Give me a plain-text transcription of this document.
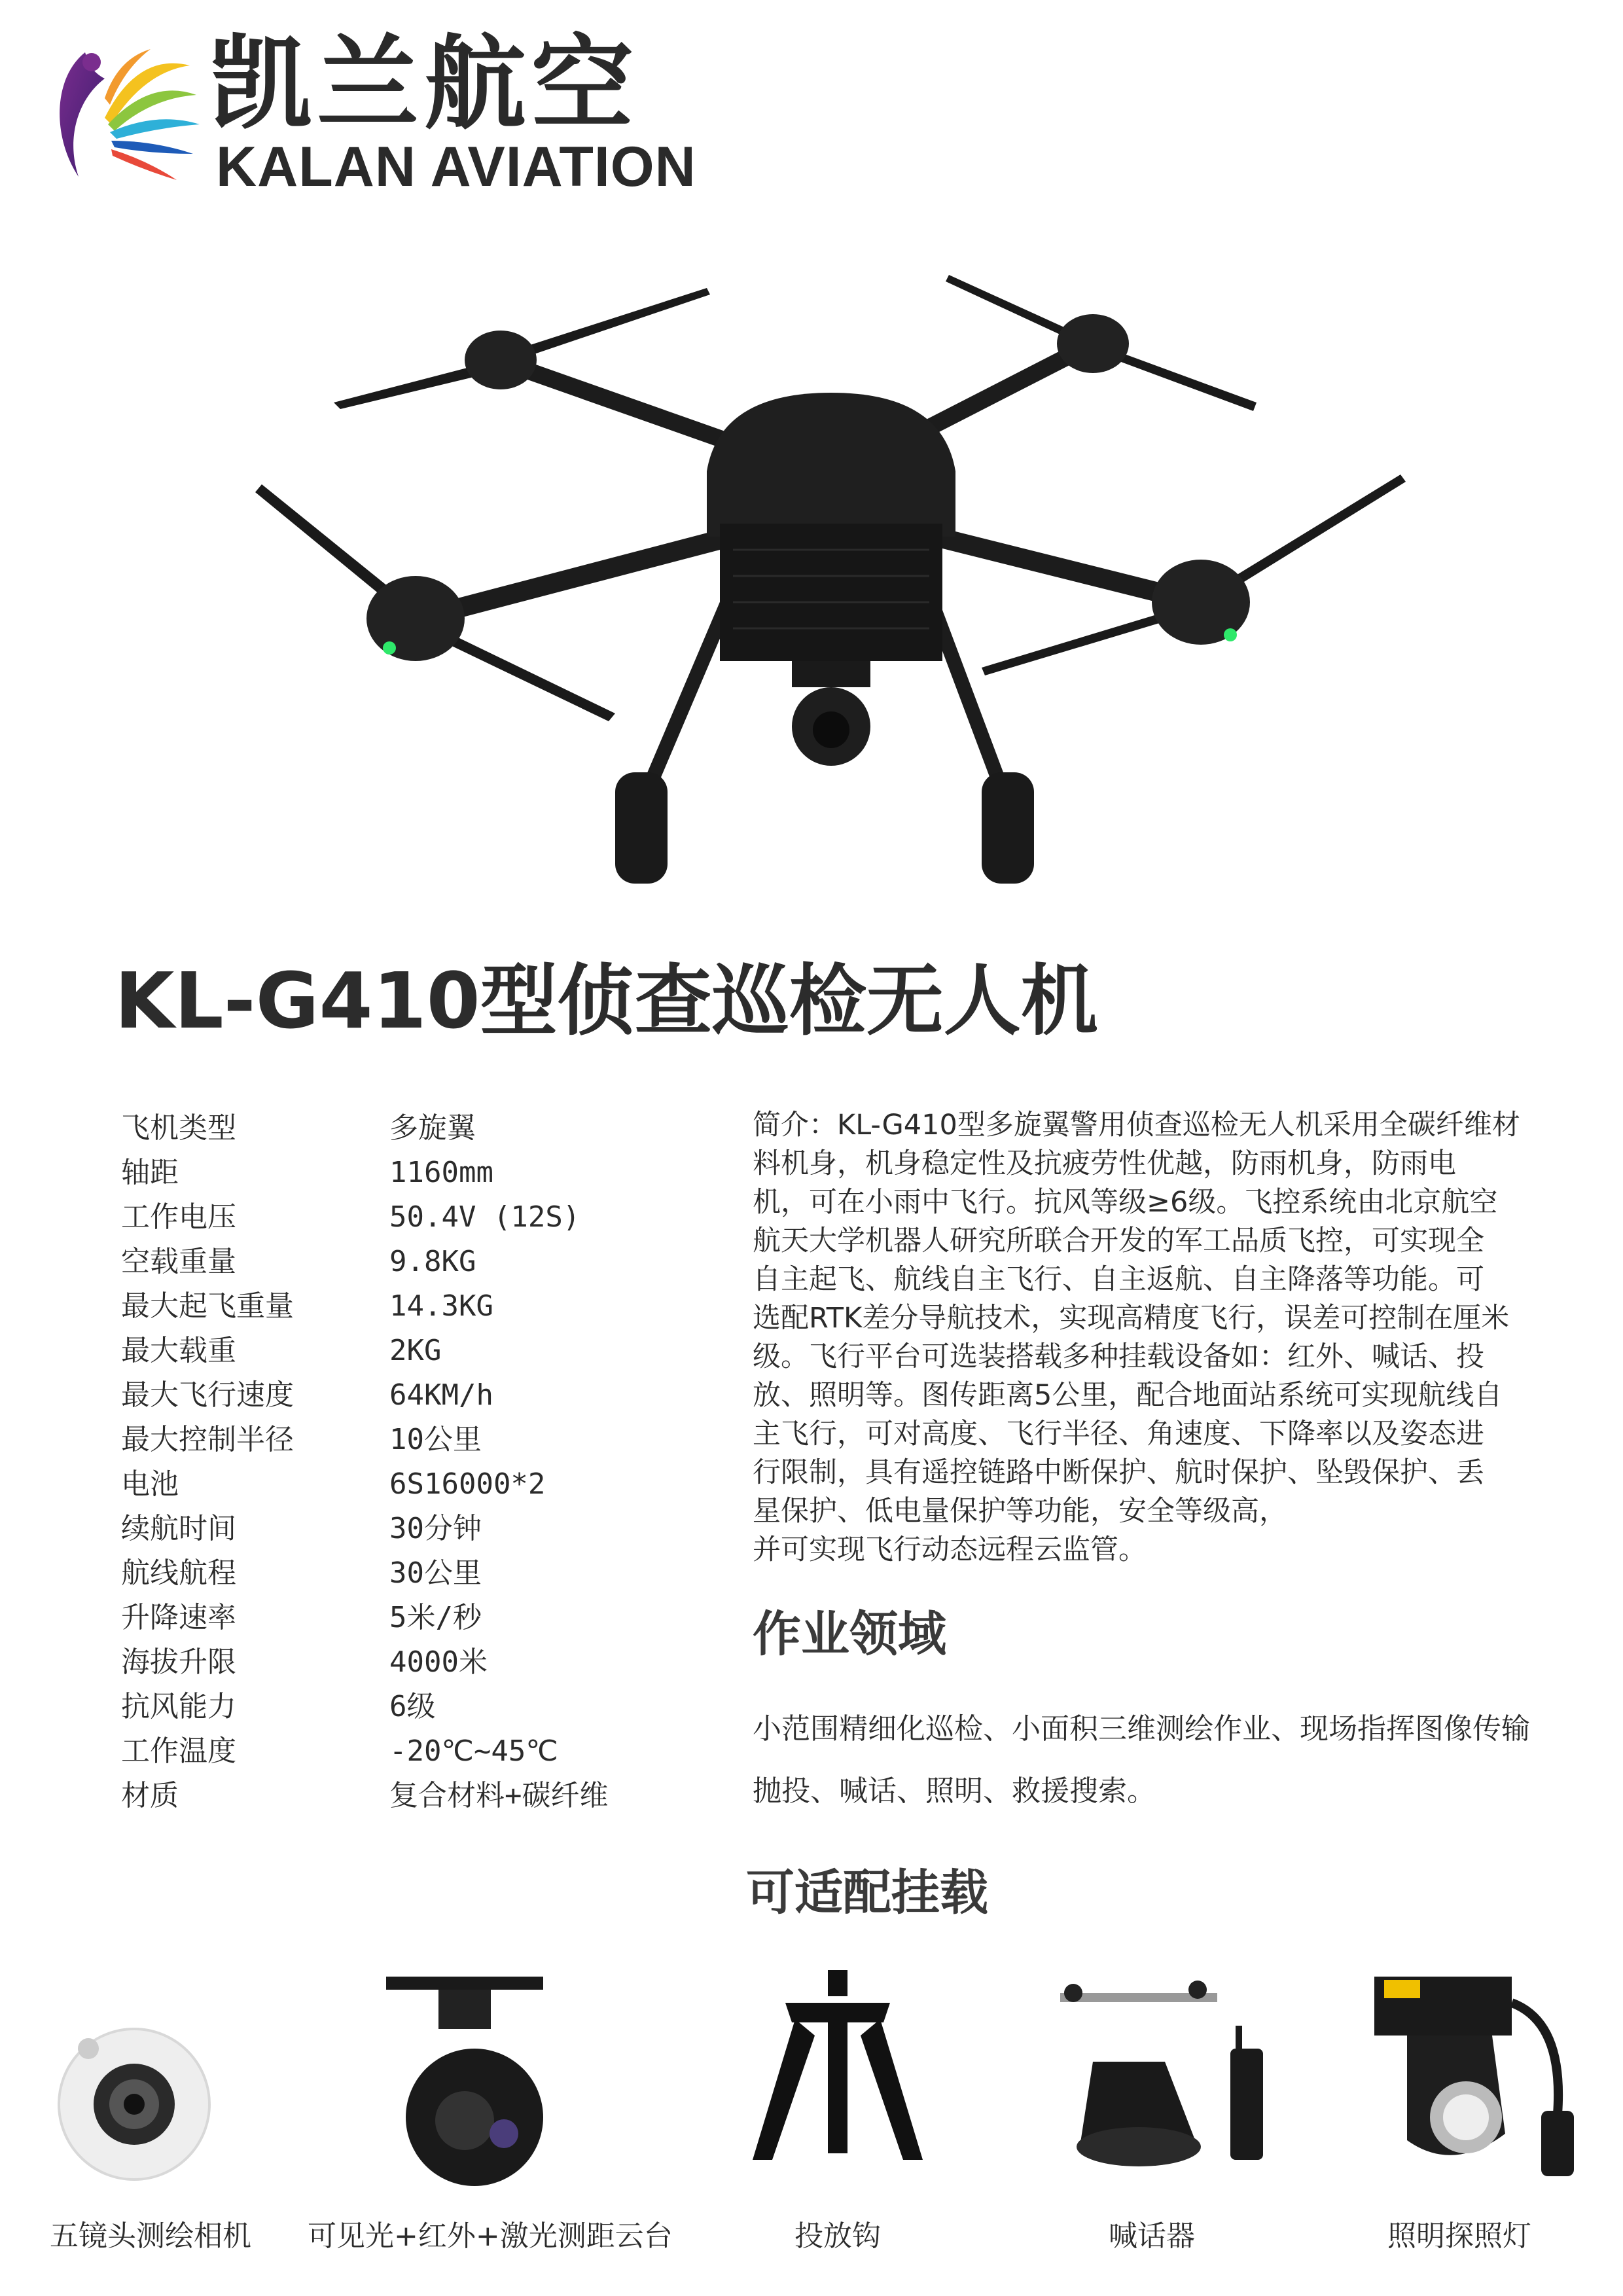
凯兰航空
KALAN AVIATION
KL-G410型侦查巡检无人机
飞机类型	多旋翼
轴距	1160mm
工作电压	50.4V (12S)
空载重量	9.8KG
最大起飞重量	14.3KG
最大载重	2KG
最大飞行速度	64KM/h
最大控制半径	10公里
电池	6S16000*2
续航时间	30分钟
航线航程	30公里
升降速率	5米/秒
海拔升限	4000米
抗风能力	6级
工作温度	-20℃~45℃
材质	复合材料+碳纤维

简介：KL-G410型多旋翼警用侦查巡检无人机采用全碳纤维材

料机身，机身稳定性及抗疲劳性优越，防雨机身，防雨电

机，可在小雨中飞行。抗风等级≥6级。飞控系统由北京航空

航天大学机器人研究所联合开发的军工品质飞控，可实现全

自主起飞、航线自主飞行、自主返航、自主降落等功能。可

选配RTK差分导航技术，实现高精度飞行，误差可控制在厘米

级。飞行平台可选装搭载多种挂载设备如：红外、喊话、投

放、照明等。图传距离5公里，配合地面站系统可实现航线自

主飞行，可对高度、飞行半径、角速度、下降率以及姿态进

行限制，具有遥控链路中断保护、航时保护、坠毁保护、丢

星保护、低电量保护等功能，安全等级高，

并可实现飞行动态远程云监管。

作业领域
小范围精细化巡检、小面积三维测绘作业、现场指挥图像传输
抛投、喊话、照明、救援搜索。
可适配挂载
五镜头测绘相机	可见光+红外+激光测距云台	投放钩	喊话器	照明探照灯
